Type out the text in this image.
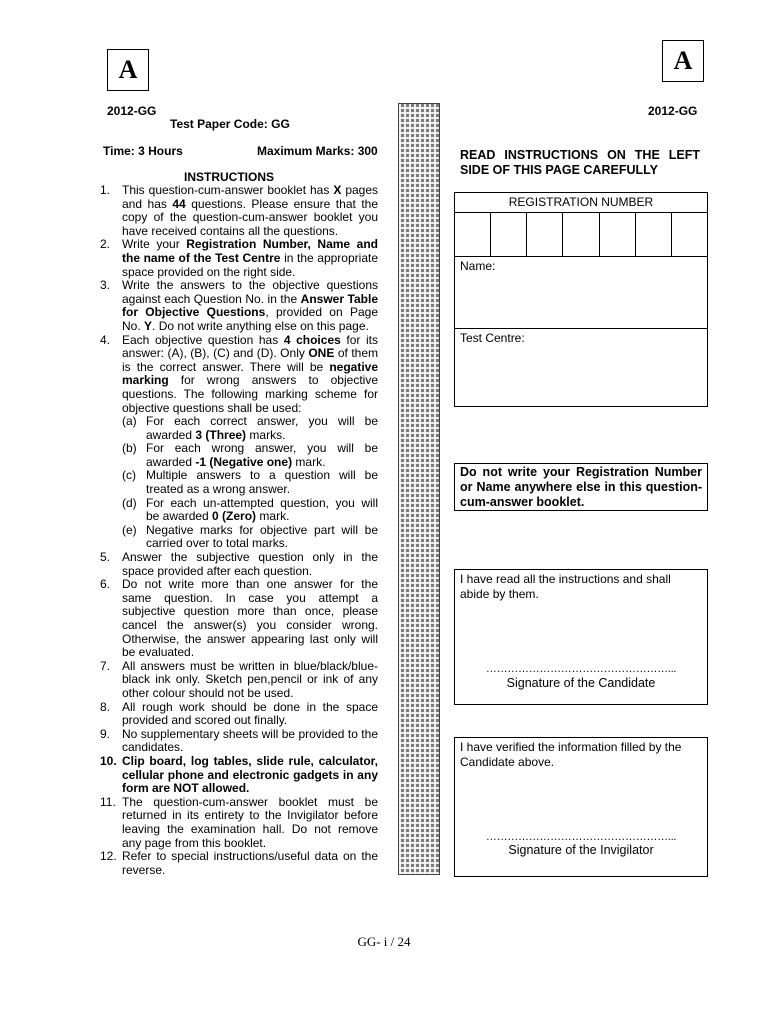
A	A
2012-GG
Test Paper Code: GG
Time: 3 Hours	Maximum Marks: 300
INSTRUCTIONS
1. This question-cum-answer booklet has X pages and has 44 questions. Please ensure that the copy of the question-cum-answer booklet you have received contains all the questions.
2. Write your Registration Number, Name and the name of the Test Centre in the appropriate space provided on the right side.
3. Write the answers to the objective questions against each Question No. in the Answer Table for Objective Questions, provided on Page No. Y. Do not write anything else on this page.
4. Each objective question has 4 choices for its answer: (A), (B), (C) and (D). Only ONE of them is the correct answer. There will be negative marking for wrong answers to objective questions. The following marking scheme for objective questions shall be used:
(a) For each correct answer, you will be awarded 3 (Three) marks.
(b) For each wrong answer, you will be awarded -1 (Negative one) mark.
(c) Multiple answers to a question will be treated as a wrong answer.
(d) For each un-attempted question, you will be awarded 0 (Zero) mark.
(e) Negative marks for objective part will be carried over to total marks.
5. Answer the subjective question only in the space provided after each question.
6. Do not write more than one answer for the same question. In case you attempt a subjective question more than once, please cancel the answer(s) you consider wrong. Otherwise, the answer appearing last only will be evaluated.
7. All answers must be written in blue/black/blue-black ink only. Sketch pen,pencil or ink of any other colour should not be used.
8. All rough work should be done in the space provided and scored out finally.
9. No supplementary sheets will be provided to the candidates.
10. Clip board, log tables, slide rule, calculator, cellular phone and electronic gadgets in any form are NOT allowed.
11. The question-cum-answer booklet must be returned in its entirety to the Invigilator before leaving the examination hall. Do not remove any page from this booklet.
12. Refer to special instructions/useful data on the reverse.
2012-GG
READ INSTRUCTIONS ON THE LEFT SIDE OF THIS PAGE CAREFULLY
REGISTRATION NUMBER
Name:
Test Centre:
Do not write your Registration Number or Name anywhere else in this question-cum-answer booklet.
I have read all the instructions and shall abide by them.
……………………………………………...
Signature of the Candidate
I have verified the information filled by the Candidate above.
……………………………………………...
Signature of the Invigilator
GG- i / 24
